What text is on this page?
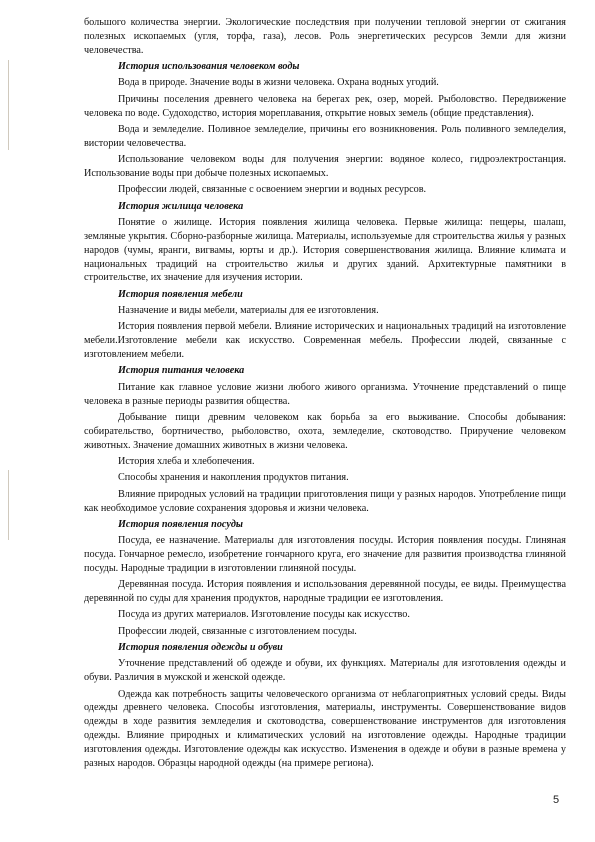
большого количества энергии. Экологические последствия при получении тепловой энергии от сжигания полезных ископаемых (угля, торфа, газа), лесов. Роль энергетических ресурсов Земли для жизни человечества.
История использования человеком воды
Вода в природе. Значение воды в жизни человека. Охрана водных угодий.
Причины поселения древнего человека на берегах рек, озер, морей. Рыболовство. Передвижение человека по воде. Судоходство, история мореплавания, открытие новых земель (общие представления).
Вода и земледелие. Поливное земледелие, причины его возникновения. Роль поливного земледелия, вистории человечества.
Использование человеком воды для получения энергии: водяное колесо, гидроэлектростанция. Использование воды при добыче полезных ископаемых.
Профессии людей, связанные с освоением энергии и водных ресурсов.
История жилища человека
Понятие о жилище. История появления жилища человека. Первые жилища: пещеры, шалаш, земляные укрытия. Сборно-разборные жилища. Материалы, используемые для строительства жилья у разных народов (чумы, яранги, вигвамы, юрты и др.). История совершенствования жилища. Влияние климата и национальных традиций на строительство жилья и других зданий. Архитектурные памятники в строительстве, их значение для изучения истории.
История появления мебели
Назначение и виды мебели, материалы для ее изготовления.
История появления первой мебели. Влияние исторических и национальных традиций на изготовление мебели.Изготовление мебели как искусство. Современная мебель. Профессии людей, связанные с изготовлением мебели.
История питания человека
Питание как главное условие жизни любого живого организма. Уточнение представлений о пище человека в разные периоды развития общества.
Добывание пищи древним человеком как борьба за его выживание. Способы добывания: собирательство, бортничество, рыболовство, охота, земледелие, скотоводство. Приручение человеком животных. Значение домашних животных в жизни человека.
История хлеба и хлебопечения.
Способы хранения и накопления продуктов питания.
Влияние природных условий на традиции приготовления пищи у разных народов. Употребление пищи как необходимое условие сохранения здоровья и жизни человека.
История появления посуды
Посуда, ее назначение. Материалы для изготовления посуды. История появления посуды. Глиняная посуда. Гончарное ремесло, изобретение гончарного круга, его значение для развития производства глиняной посуды. Народные традиции в изготовлении глиняной посуды.
Деревянная посуда. История появления и использования деревянной посуды, ее виды. Преимущества деревянной по суды для хранения продуктов, народные традиции ее изготовления.
Посуда из других материалов. Изготовление посуды как искусство.
Профессии людей, связанные с изготовлением посуды.
История появления одежды и обуви
Уточнение представлений об одежде и обуви, их функциях. Материалы для изготовления одежды и обуви. Различия в мужской и женской одежде.
Одежда как потребность защиты человеческого организма от неблагоприятных условий среды. Виды одежды древнего человека. Способы изготовления, материалы, инструменты. Совершенствование видов одежды в ходе развития земледелия и скотоводства, совершенствование инструментов для изготовления одежды. Влияние природных и климатических условий на изготовление одежды. Народные традиции изготовления одежды. Изготовление одежды как искусство. Изменения в одежде и обуви в разные времена у разных народов. Образцы народной одежды (на примере региона).
5
